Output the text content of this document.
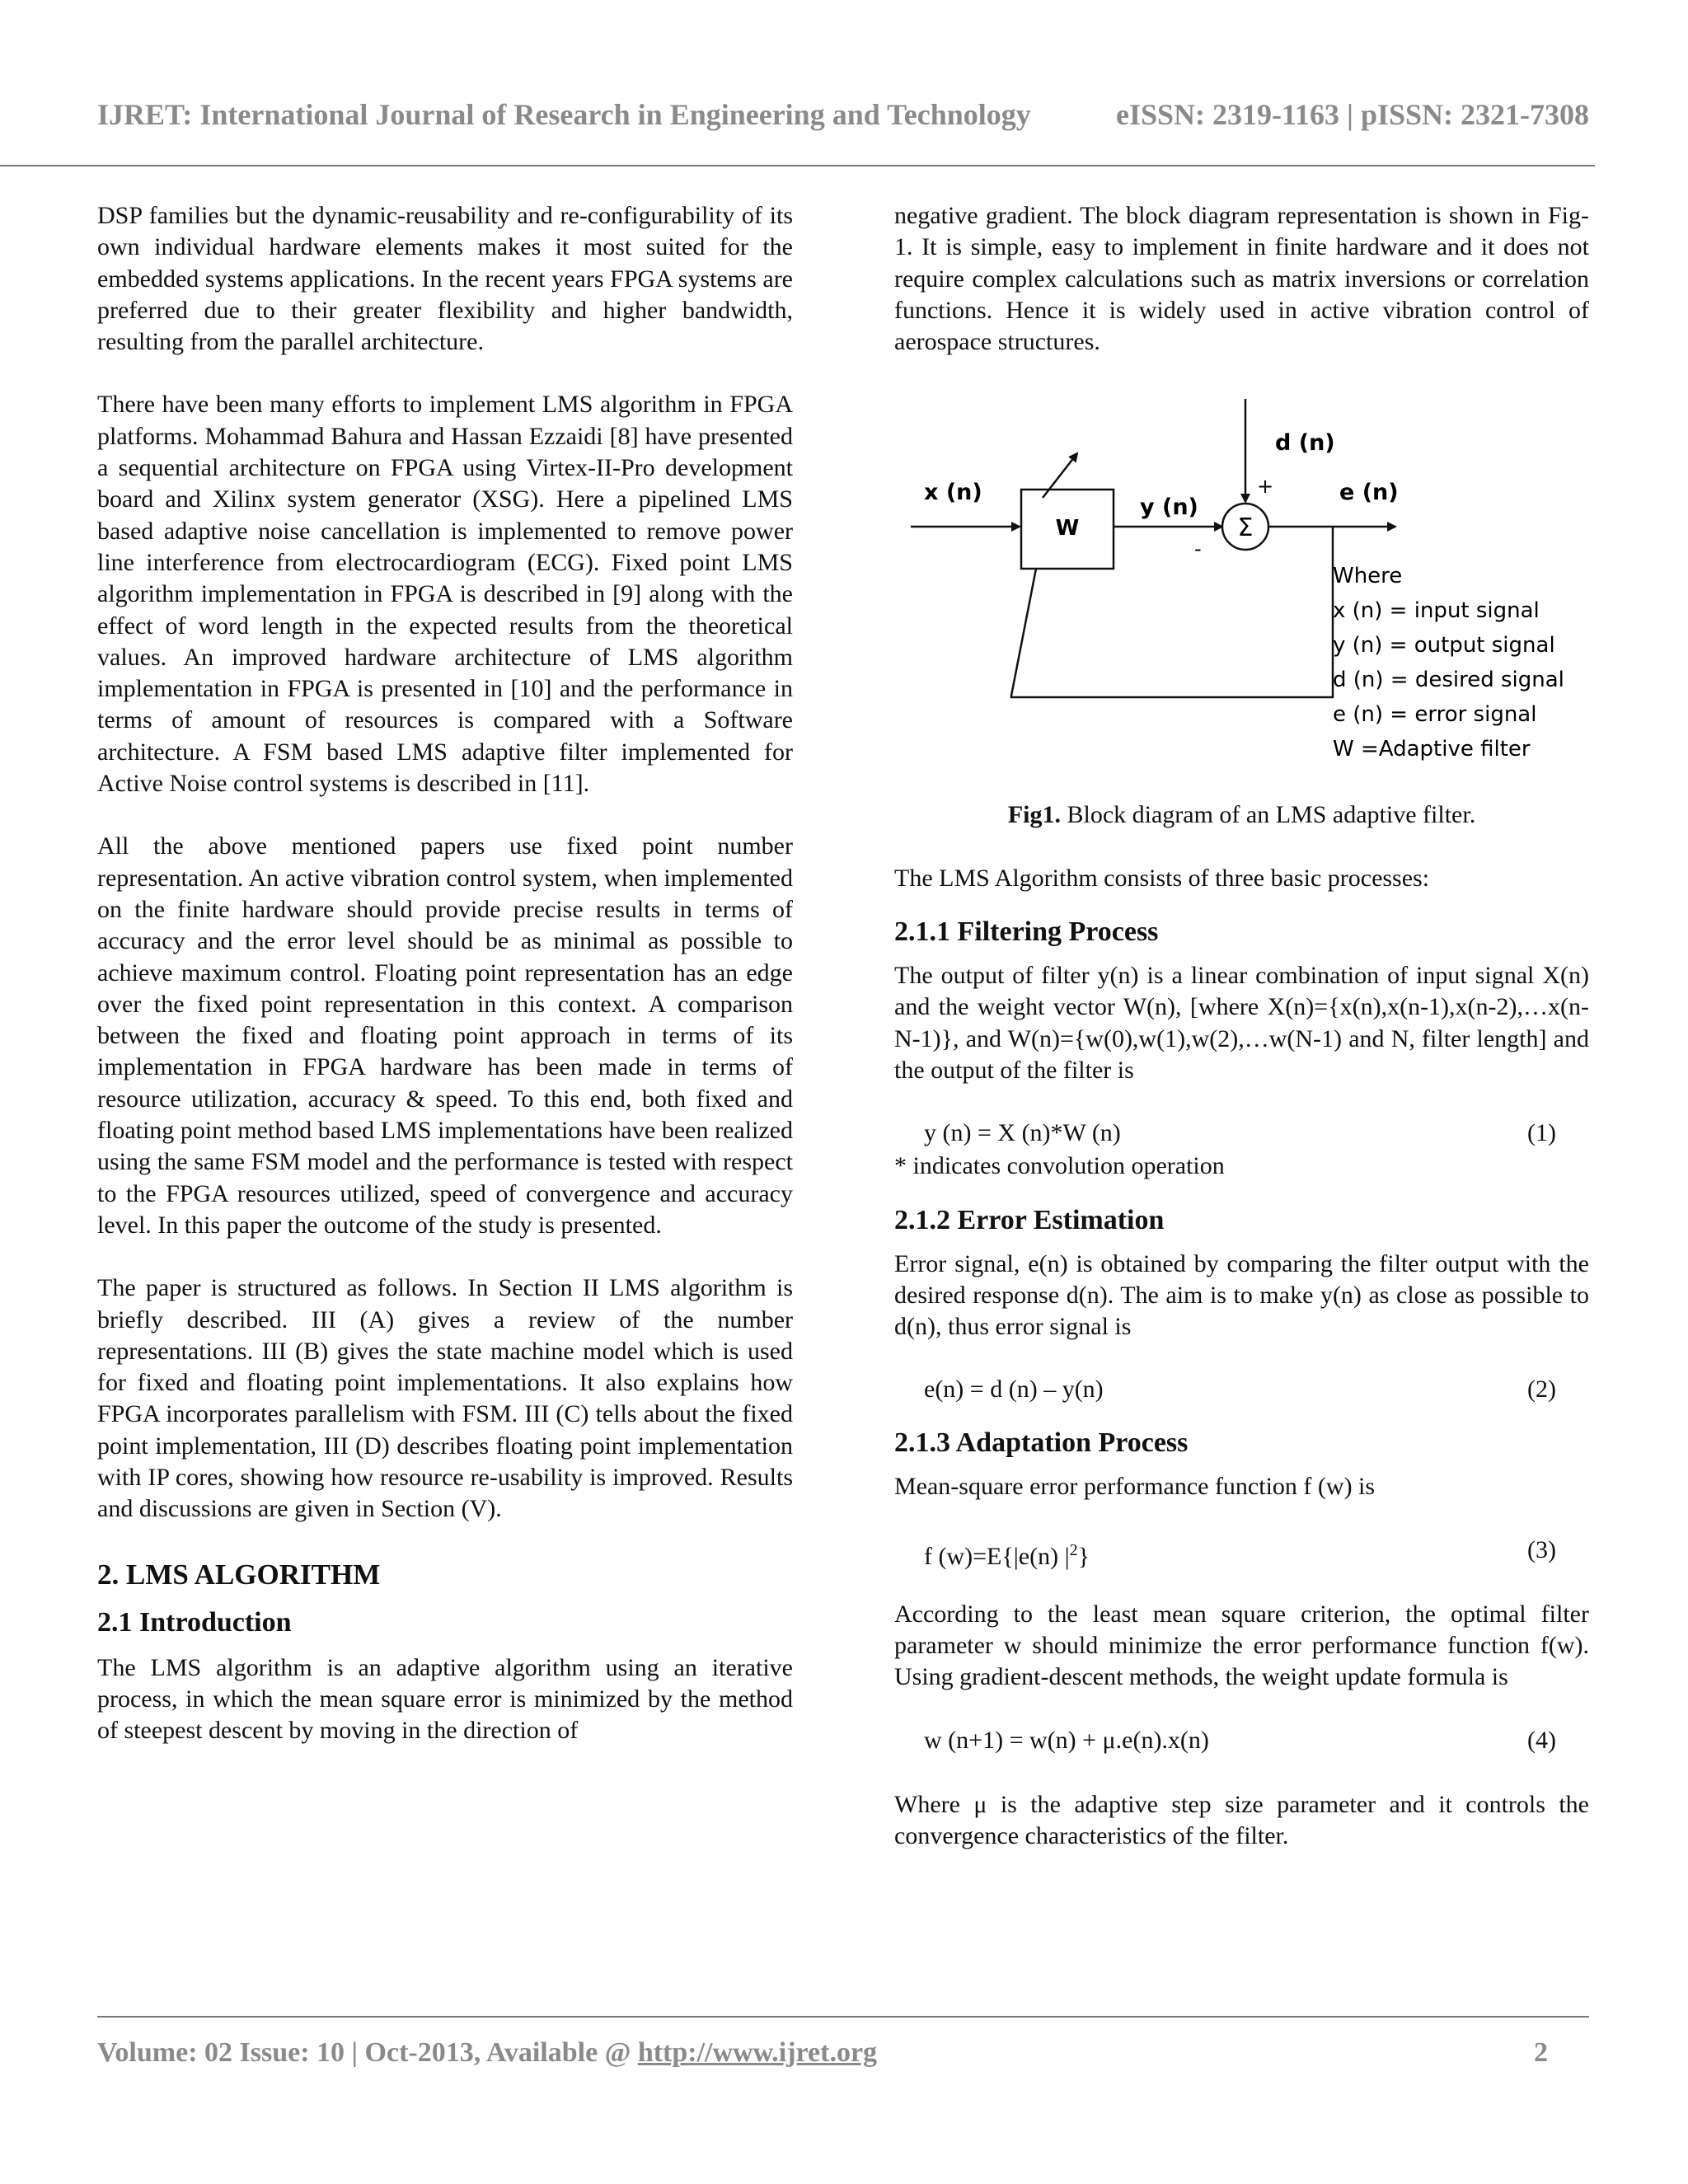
IJRET: International Journal of Research in Engineering and Technology	eISSN: 2319-1163 | pISSN: 2321-7308

DSP families but the dynamic-reusability and re-configurability of its own individual hardware elements makes it most suited for the embedded systems applications. In the recent years FPGA systems are preferred due to their greater flexibility and higher bandwidth, resulting from the parallel architecture.

There have been many efforts to implement LMS algorithm in FPGA platforms. Mohammad Bahura and Hassan Ezzaidi [8] have presented a sequential architecture on FPGA using Virtex-II-Pro development board and Xilinx system generator (XSG). Here a pipelined LMS based adaptive noise cancellation is implemented to remove power line interference from electrocardiogram (ECG). Fixed point LMS algorithm implementation in FPGA is described in [9] along with the effect of word length in the expected results from the theoretical values. An improved hardware architecture of LMS algorithm implementation in FPGA is presented in [10] and the performance in terms of amount of resources is compared with a Software architecture. A FSM based LMS adaptive filter implemented for Active Noise control systems is described in [11].

All the above mentioned papers use fixed point number representation. An active vibration control system, when implemented on the finite hardware should provide precise results in terms of accuracy and the error level should be as minimal as possible to achieve maximum control. Floating point representation has an edge over the fixed point representation in this context. A comparison between the fixed and floating point approach in terms of its implementation in FPGA hardware has been made in terms of resource utilization, accuracy & speed. To this end, both fixed and floating point method based LMS implementations have been realized using the same FSM model and the performance is tested with respect to the FPGA resources utilized, speed of convergence and accuracy level. In this paper the outcome of the study is presented.

The paper is structured as follows. In Section II LMS algorithm is briefly described. III (A) gives a review of the number representations. III (B) gives the state machine model which is used for fixed and floating point implementations. It also explains how FPGA incorporates parallelism with FSM. III (C) tells about the fixed point implementation, III (D) describes floating point implementation with IP cores, showing how resource re-usability is improved. Results and discussions are given in Section (V).

2. LMS ALGORITHM
2.1 Introduction

The LMS algorithm is an adaptive algorithm using an iterative process, in which the mean square error is minimized by the method of steepest descent by moving in the direction of

negative gradient. The block diagram representation is shown in Fig-1. It is simple, easy to implement in finite hardware and it does not require complex calculations such as matrix inversions or correlation functions. Hence it is widely used in active vibration control of aerospace structures.

x (n)
W
y (n)
-
Σ
d (n)
+	e (n)
Where
x (n) = input signal
y (n) = output signal
d (n) = desired signal
e (n) = error signal
W =Adaptive filter

Fig1. Block diagram of an LMS adaptive filter.

The LMS Algorithm consists of three basic processes:

2.1.1 Filtering Process

The output of filter y(n) is a linear combination of input signal X(n) and the weight vector W(n), [where X(n)={x(n),x(n-1),x(n-2),…x(n-N-1)}, and W(n)={w(0),w(1),w(2),…w(N-1) and N, filter length] and the output of the filter is

y (n) = X (n)*W (n)	(1)

* indicates convolution operation

2.1.2 Error Estimation

Error signal, e(n) is obtained by comparing the filter output with the desired response d(n). The aim is to make y(n) as close as possible to d(n), thus error signal is

e(n) = d (n) – y(n)	(2)
2.1.3 Adaptation Process

Mean-square error performance function f (w) is

f (w)=E{|e(n) $|^2$}	(3)

According to the least mean square criterion, the optimal filter parameter w should minimize the error performance function f(w). Using gradient-descent methods, the weight update formula is

w (n+1) = w(n) + μ.e(n).x(n)	(4)

Where μ is the adaptive step size parameter and it controls the convergence characteristics of the filter.

Volume: 02 Issue: 10 | Oct-2013, Available @ http://www.ijret.org	2
